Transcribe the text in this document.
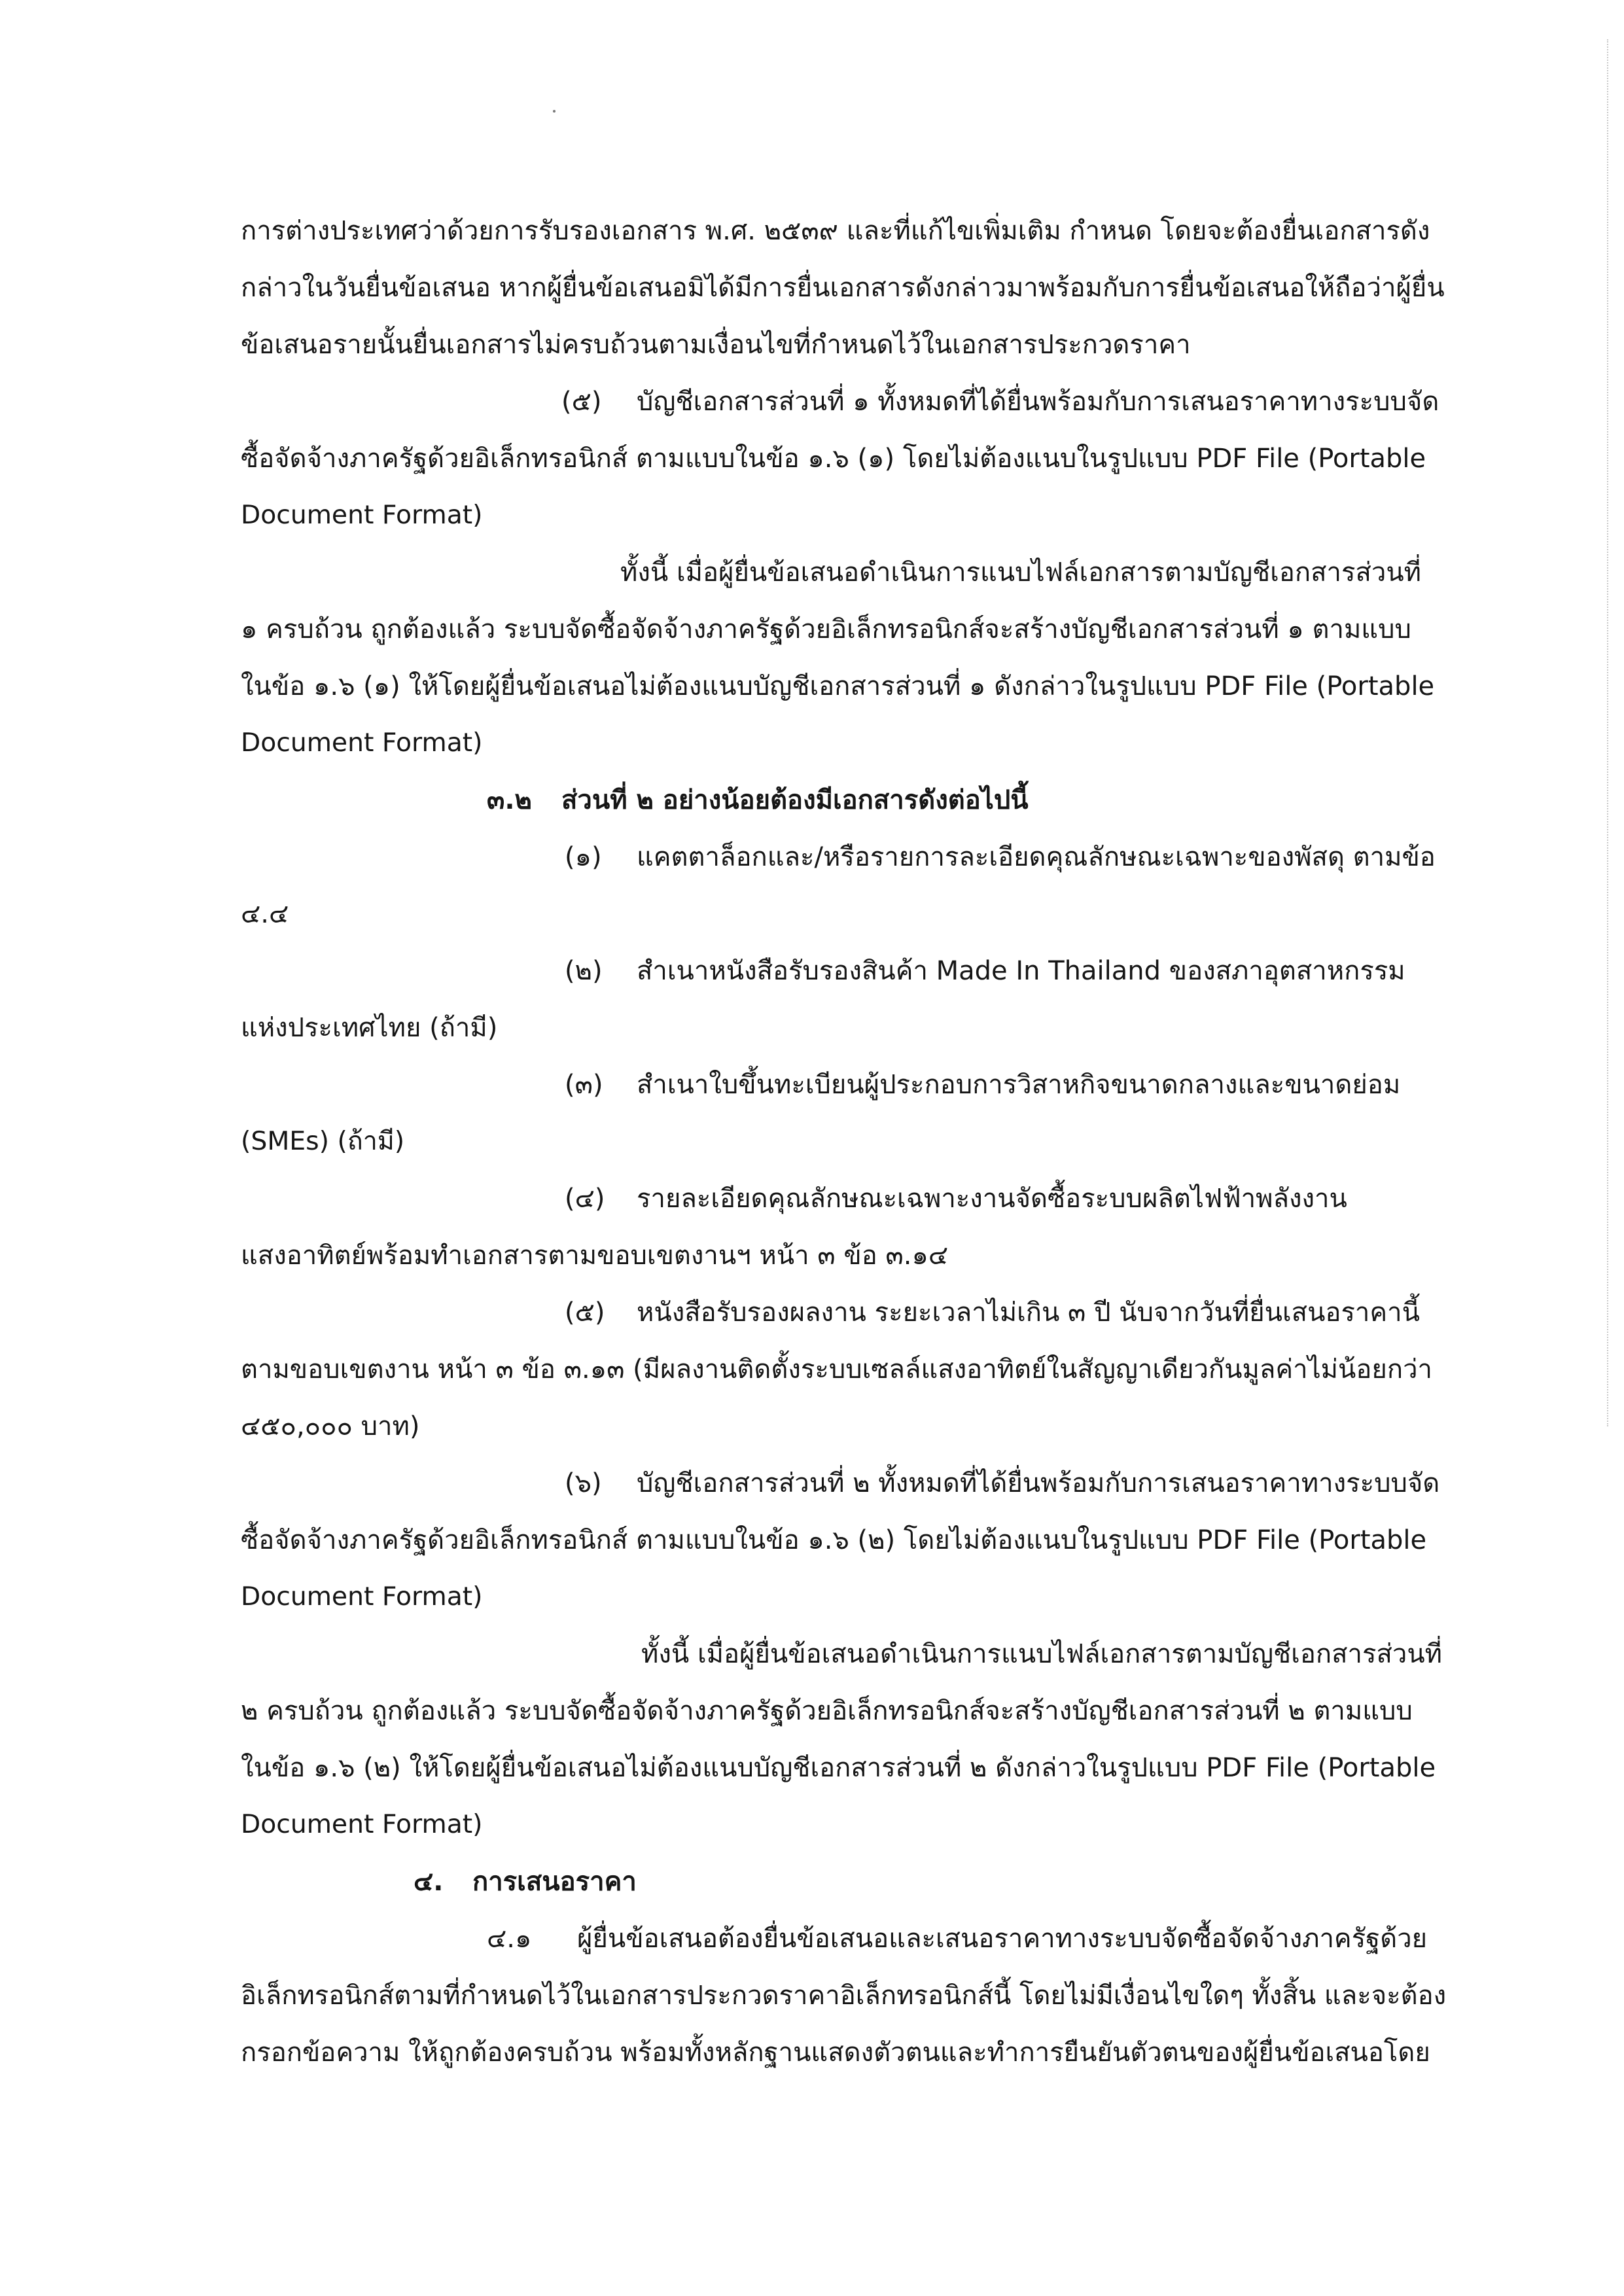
การต่างประเทศว่าด้วยการรับรองเอกสาร พ.ศ. ๒๕๓๙ และที่แก้ไขเพิ่มเติม กำหนด โดยจะต้องยื่นเอกสารดัง
กล่าวในวันยื่นข้อเสนอ หากผู้ยื่นข้อเสนอมิได้มีการยื่นเอกสารดังกล่าวมาพร้อมกับการยื่นข้อเสนอให้ถือว่าผู้ยื่น
ข้อเสนอรายนั้นยื่นเอกสารไม่ครบถ้วนตามเงื่อนไขที่กำหนดไว้ในเอกสารประกวดราคา
(๕) บัญชีเอกสารส่วนที่ ๑ ทั้งหมดที่ได้ยื่นพร้อมกับการเสนอราคาทางระบบจัด
ซื้อจัดจ้างภาครัฐด้วยอิเล็กทรอนิกส์ ตามแบบในข้อ ๑.๖ (๑) โดยไม่ต้องแนบในรูปแบบ PDF File (Portable
Document Format)
ทั้งนี้ เมื่อผู้ยื่นข้อเสนอดำเนินการแนบไฟล์เอกสารตามบัญชีเอกสารส่วนที่
๑ ครบถ้วน ถูกต้องแล้ว ระบบจัดซื้อจัดจ้างภาครัฐด้วยอิเล็กทรอนิกส์จะสร้างบัญชีเอกสารส่วนที่ ๑ ตามแบบ
ในข้อ ๑.๖ (๑) ให้โดยผู้ยื่นข้อเสนอไม่ต้องแนบบัญชีเอกสารส่วนที่ ๑ ดังกล่าวในรูปแบบ PDF File (Portable
Document Format)
๓.๒ ส่วนที่ ๒ อย่างน้อยต้องมีเอกสารดังต่อไปนี้
(๑) แคตตาล็อกและ/หรือรายการละเอียดคุณลักษณะเฉพาะของพัสดุ ตามข้อ
๔.๔
(๒) สำเนาหนังสือรับรองสินค้า Made In Thailand ของสภาอุตสาหกรรม
แห่งประเทศไทย (ถ้ามี)
(๓) สำเนาใบขึ้นทะเบียนผู้ประกอบการวิสาหกิจขนาดกลางและขนาดย่อม
(SMEs) (ถ้ามี)
(๔) รายละเอียดคุณลักษณะเฉพาะงานจัดซื้อระบบผลิตไฟฟ้าพลังงาน
แสงอาทิตย์พร้อมทำเอกสารตามขอบเขตงานฯ หน้า ๓ ข้อ ๓.๑๔
(๕) หนังสือรับรองผลงาน ระยะเวลาไม่เกิน ๓ ปี นับจากวันที่ยื่นเสนอราคานี้
ตามขอบเขตงาน หน้า ๓ ข้อ ๓.๑๓ (มีผลงานติดตั้งระบบเซลล์แสงอาทิตย์ในสัญญาเดียวกันมูลค่าไม่น้อยกว่า
๔๕๐,๐๐๐ บาท)
(๖) บัญชีเอกสารส่วนที่ ๒ ทั้งหมดที่ได้ยื่นพร้อมกับการเสนอราคาทางระบบจัด
ซื้อจัดจ้างภาครัฐด้วยอิเล็กทรอนิกส์ ตามแบบในข้อ ๑.๖ (๒) โดยไม่ต้องแนบในรูปแบบ PDF File (Portable
Document Format)
ทั้งนี้ เมื่อผู้ยื่นข้อเสนอดำเนินการแนบไฟล์เอกสารตามบัญชีเอกสารส่วนที่
๒ ครบถ้วน ถูกต้องแล้ว ระบบจัดซื้อจัดจ้างภาครัฐด้วยอิเล็กทรอนิกส์จะสร้างบัญชีเอกสารส่วนที่ ๒ ตามแบบ
ในข้อ ๑.๖ (๒) ให้โดยผู้ยื่นข้อเสนอไม่ต้องแนบบัญชีเอกสารส่วนที่ ๒ ดังกล่าวในรูปแบบ PDF File (Portable
Document Format)
๔. การเสนอราคา
๔.๑ ผู้ยื่นข้อเสนอต้องยื่นข้อเสนอและเสนอราคาทางระบบจัดซื้อจัดจ้างภาครัฐด้วย
อิเล็กทรอนิกส์ตามที่กำหนดไว้ในเอกสารประกวดราคาอิเล็กทรอนิกส์นี้ โดยไม่มีเงื่อนไขใดๆ ทั้งสิ้น และจะต้อง
กรอกข้อความ ให้ถูกต้องครบถ้วน พร้อมทั้งหลักฐานแสดงตัวตนและทำการยืนยันตัวตนของผู้ยื่นข้อเสนอโดย
